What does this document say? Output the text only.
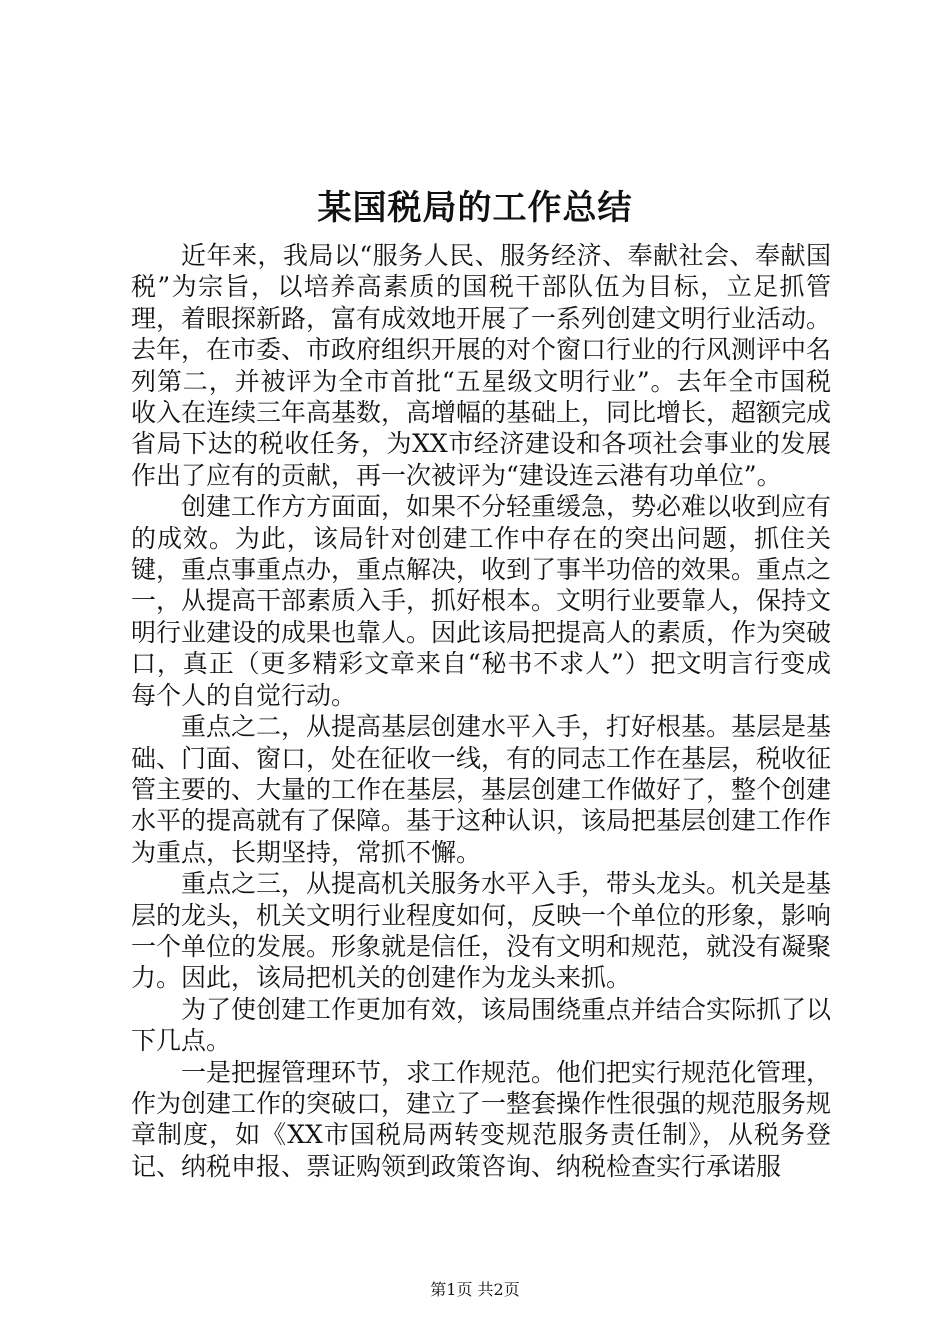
某国税局的工作总结

近年来，我局以“服务人民、服务经济、奉献社会、奉献国税”为宗旨，以培养高素质的国税干部队伍为目标，立足抓管理，着眼探新路，富有成效地开展了一系列创建文明行业活动。去年，在市委、市政府组织开展的对个窗口行业的行风测评中名列第二，并被评为全市首批“五星级文明行业”。去年全市国税收入在连续三年高基数，高增幅的基础上，同比增长，超额完成省局下达的税收任务，为XX市经济建设和各项社会事业的发展作出了应有的贡献，再一次被评为“建设连云港有功单位”。

创建工作方方面面，如果不分轻重缓急，势必难以收到应有的成效。为此，该局针对创建工作中存在的突出问题，抓住关键，重点事重点办，重点解决，收到了事半功倍的效果。重点之一，从提高干部素质入手，抓好根本。文明行业要靠人，保持文明行业建设的成果也靠人。因此该局把提高人的素质，作为突破口，真正（更多精彩文章来自“秘书不求人”）把文明言行变成每个人的自觉行动。

重点之二，从提高基层创建水平入手，打好根基。基层是基础、门面、窗口，处在征收一线，有的同志工作在基层，税收征管主要的、大量的工作在基层，基层创建工作做好了，整个创建水平的提高就有了保障。基于这种认识，该局把基层创建工作作为重点，长期坚持，常抓不懈。

重点之三，从提高机关服务水平入手，带头龙头。机关是基层的龙头，机关文明行业程度如何，反映一个单位的形象，影响一个单位的发展。形象就是信任，没有文明和规范，就没有凝聚力。因此，该局把机关的创建作为龙头来抓。

为了使创建工作更加有效，该局围绕重点并结合实际抓了以下几点。

一是把握管理环节，求工作规范。他们把实行规范化管理，作为创建工作的突破口，建立了一整套操作性很强的规范服务规章制度，如《XX市国税局两转变规范服务责任制》，从税务登记、纳税申报、票证购领到政策咨询、纳税检查实行承诺服

第1页 共2页
